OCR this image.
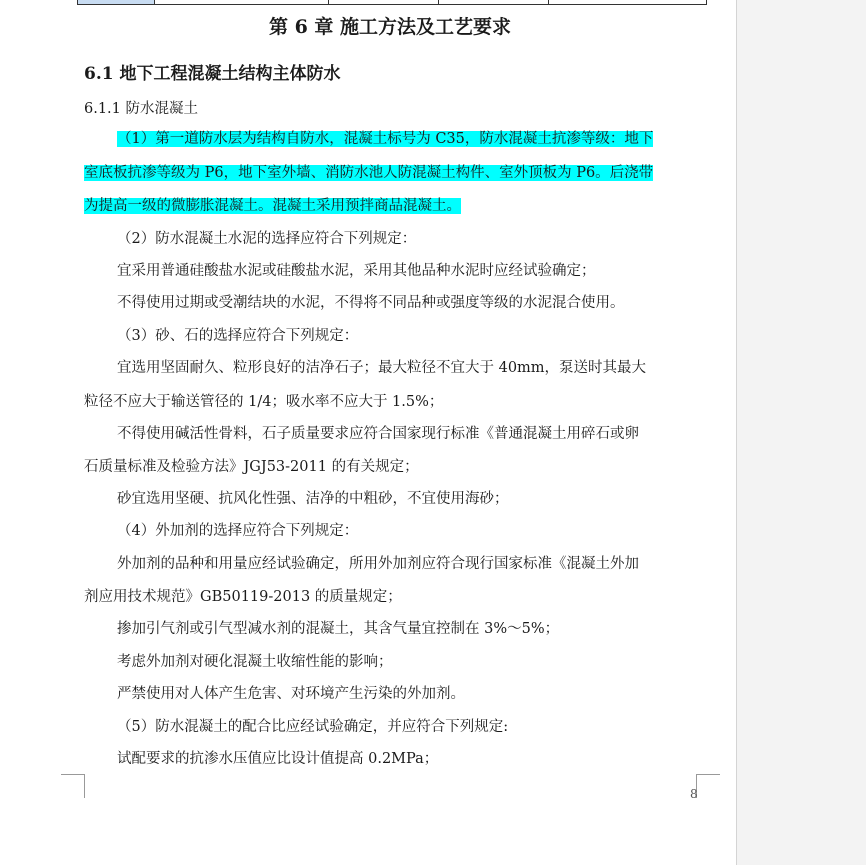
第 6 章 施工方法及工艺要求
6.1 地下工程混凝土结构主体防水
6.1.1 防水混凝土
（1）第一道防水层为结构自防水，混凝土标号为 C35，防水混凝土抗渗等级：地下
室底板抗渗等级为 P6，地下室外墙、消防水池人防混凝土构件、室外顶板为 P6。后浇带
为提高一级的微膨胀混凝土。混凝土采用预拌商品混凝土。
（2）防水混凝土水泥的选择应符合下列规定：
宜采用普通硅酸盐水泥或硅酸盐水泥，采用其他品种水泥时应经试验确定；
不得使用过期或受潮结块的水泥，不得将不同品种或强度等级的水泥混合使用。
（3）砂、石的选择应符合下列规定：
宜选用坚固耐久、粒形良好的洁净石子；最大粒径不宜大于 40mm，泵送时其最大
粒径不应大于输送管径的 1/4；吸水率不应大于 1.5%；
不得使用碱活性骨料，石子质量要求应符合国家现行标准《普通混凝土用碎石或卵
石质量标准及检验方法》JGJ53-2011 的有关规定；
砂宜选用坚硬、抗风化性强、洁净的中粗砂，不宜使用海砂；
（4）外加剂的选择应符合下列规定：
外加剂的品种和用量应经试验确定，所用外加剂应符合现行国家标准《混凝土外加
剂应用技术规范》GB50119-2013 的质量规定；
掺加引气剂或引气型减水剂的混凝土，其含气量宜控制在 3%～5%；
考虑外加剂对硬化混凝土收缩性能的影响；
严禁使用对人体产生危害、对环境产生污染的外加剂。
（5）防水混凝土的配合比应经试验确定，并应符合下列规定:
试配要求的抗渗水压值应比设计值提高 0.2MPa；
8
